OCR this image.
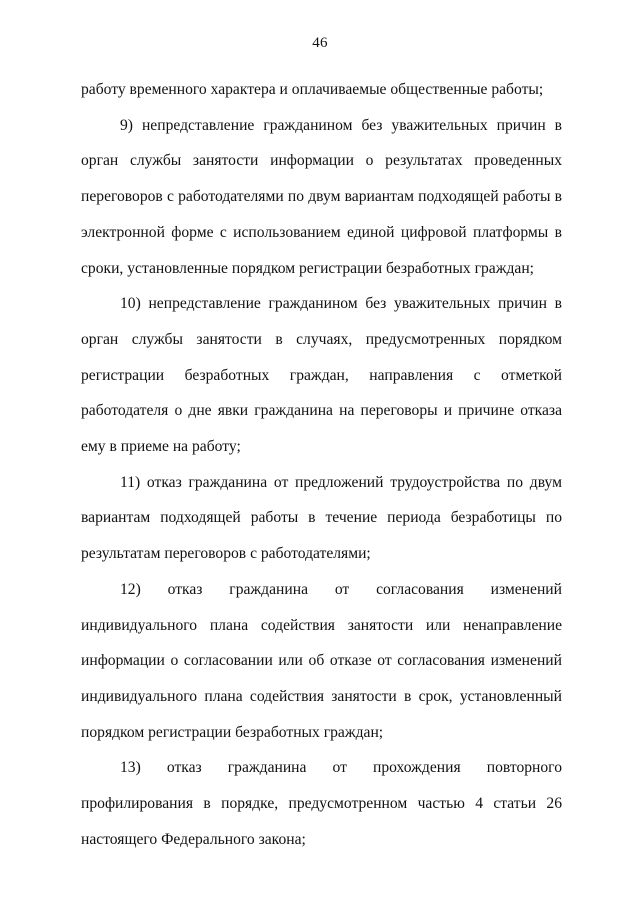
46

работу временного характера и оплачиваемые общественные работы;

9) непредставление гражданином без уважительных причин в орган службы занятости информации о результатах проведенных переговоров с работодателями по двум вариантам подходящей работы в электронной форме с использованием единой цифровой платформы в сроки, установленные порядком регистрации безработных граждан;

10) непредставление гражданином без уважительных причин в орган службы занятости в случаях, предусмотренных порядком регистрации безработных граждан, направления с отметкой работодателя о дне явки гражданина на переговоры и причине отказа ему в приеме на работу;

11) отказ гражданина от предложений трудоустройства по двум вариантам подходящей работы в течение периода безработицы по результатам переговоров с работодателями;

12) отказ гражданина от согласования изменений индивидуального плана содействия занятости или ненаправление информации о согласовании или об отказе от согласования изменений индивидуального плана содействия занятости в срок, установленный порядком регистрации безработных граждан;

13) отказ гражданина от прохождения повторного профилирования в порядке, предусмотренном частью 4 статьи 26 настоящего Федерального закона;
